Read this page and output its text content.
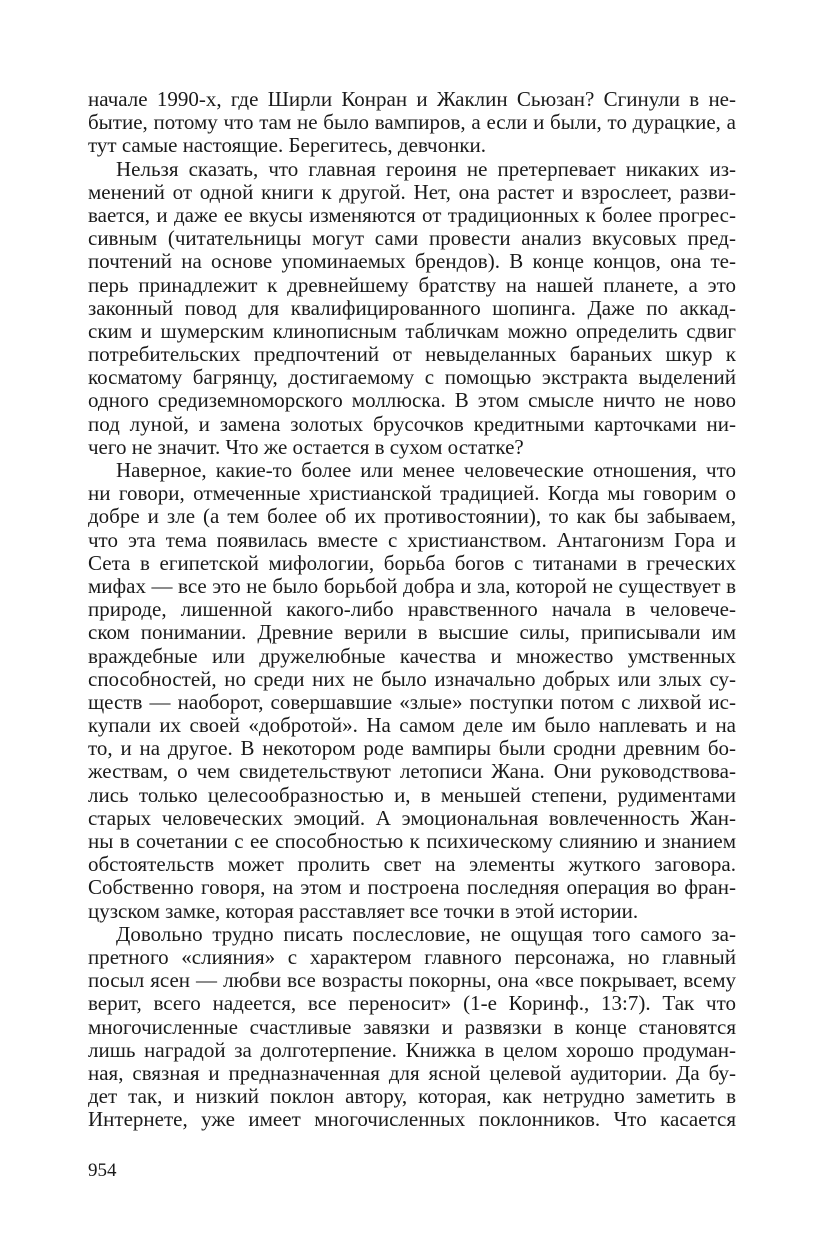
начале 1990-х, где Ширли Конран и Жаклин Сьюзан? Сгинули в не-
бытие, потому что там не было вампиров, а если и были, то дурацкие, а
тут самые настоящие. Берегитесь, девчонки.
Нельзя сказать, что главная героиня не претерпевает никаких из-
менений от одной книги к другой. Нет, она растет и взрослеет, разви-
вается, и даже ее вкусы изменяются от традиционных к более прогрес-
сивным (читательницы могут сами провести анализ вкусовых пред-
почтений на основе упоминаемых брендов). В конце концов, она те-
перь принадлежит к древнейшему братству на нашей планете, а это
законный повод для квалифицированного шопинга. Даже по аккад-
ским и шумерским клинописным табличкам можно определить сдвиг
потребительских предпочтений от невыделанных бараньих шкур к
косматому багрянцу, достигаемому с помощью экстракта выделений
одного средиземноморского моллюска. В этом смысле ничто не ново
под луной, и замена золотых брусочков кредитными карточками ни-
чего не значит. Что же остается в сухом остатке?
Наверное, какие-то более или менее человеческие отношения, что
ни говори, отмеченные христианской традицией. Когда мы говорим о
добре и зле (а тем более об их противостоянии), то как бы забываем,
что эта тема появилась вместе с христианством. Антагонизм Гора и
Сета в египетской мифологии, борьба богов с титанами в греческих
мифах — все это не было борьбой добра и зла, которой не существует в
природе, лишенной какого-либо нравственного начала в человече-
ском понимании. Древние верили в высшие силы, приписывали им
враждебные или дружелюбные качества и множество умственных
способностей, но среди них не было изначально добрых или злых су-
ществ — наоборот, совершавшие «злые» поступки потом с лихвой ис-
купали их своей «добротой». На самом деле им было наплевать и на
то, и на другое. В некотором роде вампиры были сродни древним бо-
жествам, о чем свидетельствуют летописи Жана. Они руководствова-
лись только целесообразностью и, в меньшей степени, рудиментами
старых человеческих эмоций. А эмоциональная вовлеченность Жан-
ны в сочетании с ее способностью к психическому слиянию и знанием
обстоятельств может пролить свет на элементы жуткого заговора.
Собственно говоря, на этом и построена последняя операция во фран-
цузском замке, которая расставляет все точки в этой истории.
Довольно трудно писать послесловие, не ощущая того самого за-
претного «слияния» с характером главного персонажа, но главный
посыл ясен — любви все возрасты покорны, она «все покрывает, всему
верит, всего надеется, все переносит» (1-е Коринф., 13:7). Так что
многочисленные счастливые завязки и развязки в конце становятся
лишь наградой за долготерпение. Книжка в целом хорошо продуман-
ная, связная и предназначенная для ясной целевой аудитории. Да бу-
дет так, и низкий поклон автору, которая, как нетрудно заметить в
Интернете, уже имеет многочисленных поклонников. Что касается
954
